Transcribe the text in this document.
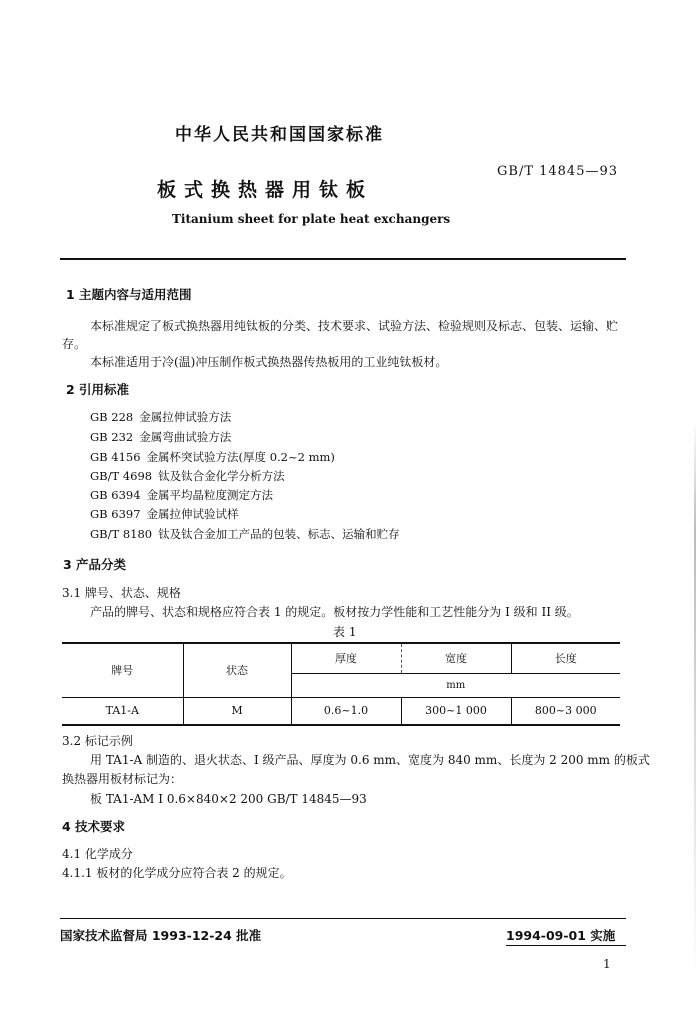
中华人民共和国国家标准
GB/T 14845—93
板式换热器用钛板
Titanium sheet for plate heat exchangers
1 主题内容与适用范围
本标准规定了板式换热器用纯钛板的分类、技术要求、试验方法、检验规则及标志、包装、运输、贮
存。
本标准适用于冷(温)冲压制作板式换热器传热板用的工业纯钛板材。
2 引用标准
GB 228 金属拉伸试验方法
GB 232 金属弯曲试验方法
GB 4156 金属杯突试验方法(厚度 0.2~2 mm)
GB/T 4698 钛及钛合金化学分析方法
GB 6394 金属平均晶粒度测定方法
GB 6397 金属拉伸试验试样
GB/T 8180 钛及钛合金加工产品的包装、标志、运输和贮存
3 产品分类
3.1 牌号、状态、规格
产品的牌号、状态和规格应符合表 1 的规定。板材按力学性能和工艺性能分为 I 级和 II 级。
表 1
牌号	状态	厚度	宽度	长度
		mm		
TA1-A	M	0.6~1.0	300~1 000	800~3 000
3.2 标记示例
用 TA1-A 制造的、退火状态、I 级产品、厚度为 0.6 mm、宽度为 840 mm、长度为 2 200 mm 的板式
换热器用板材标记为：
板 TA1-AM I 0.6×840×2 200 GB/T 14845—93
4 技术要求
4.1 化学成分
4.1.1 板材的化学成分应符合表 2 的规定。
国家技术监督局 1993-12-24 批准	1994-09-01 实施
1
